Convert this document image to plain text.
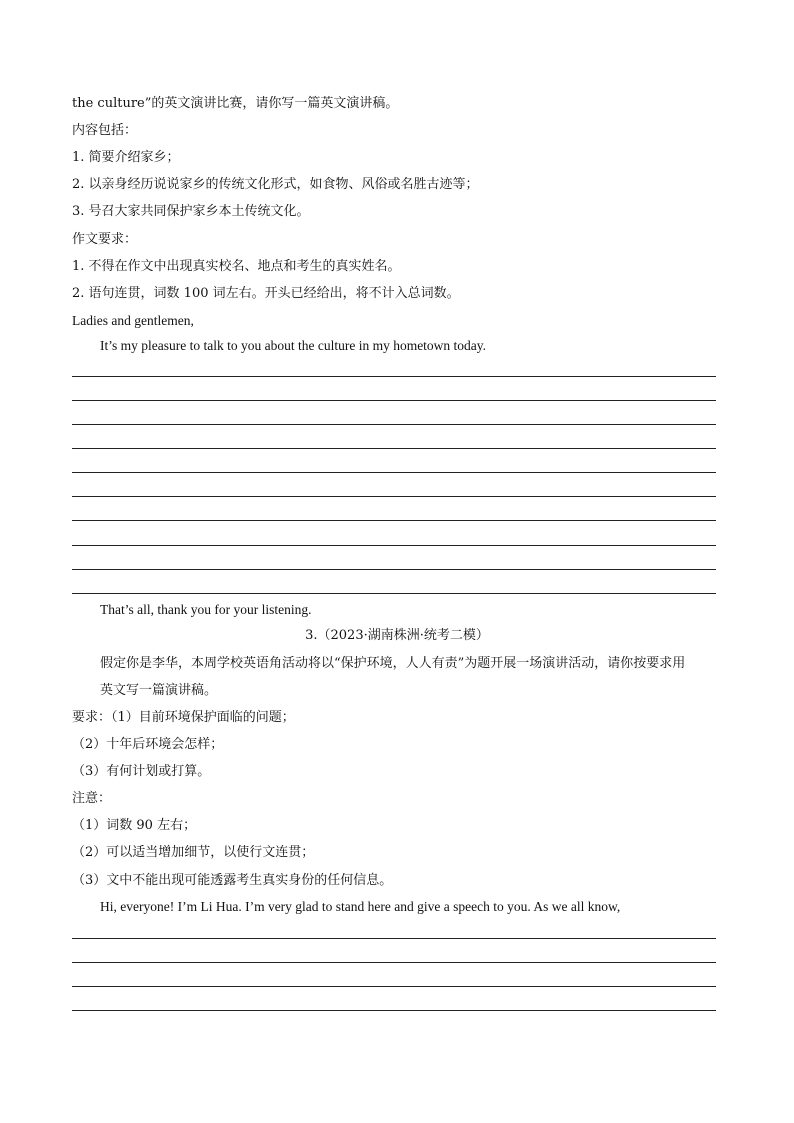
the culture”的英文演讲比赛，请你写一篇英文演讲稿。
内容包括：
1. 简要介绍家乡；
2. 以亲身经历说说家乡的传统文化形式，如食物、风俗或名胜古迹等；
3. 号召大家共同保护家乡本土传统文化。
作文要求：
1. 不得在作文中出现真实校名、地点和考生的真实姓名。
2. 语句连贯，词数 100 词左右。开头已经给出，将不计入总词数。
Ladies and gentlemen,
It’s my pleasure to talk to you about the culture in my hometown today.
That’s all, thank you for your listening.
3.（2023·湖南株洲·统考二模）
假定你是李华，本周学校英语角活动将以“保护环境，人人有责”为题开展一场演讲活动，请你按要求用
英文写一篇演讲稿。
要求：（1）目前环境保护面临的问题；
（2）十年后环境会怎样；
（3）有何计划或打算。
注意：
（1）词数 90 左右；
（2）可以适当增加细节，以使行文连贯；
（3）文中不能出现可能透露考生真实身份的任何信息。
Hi, everyone! I’m Li Hua. I’m very glad to stand here and give a speech to you. As we all know,
